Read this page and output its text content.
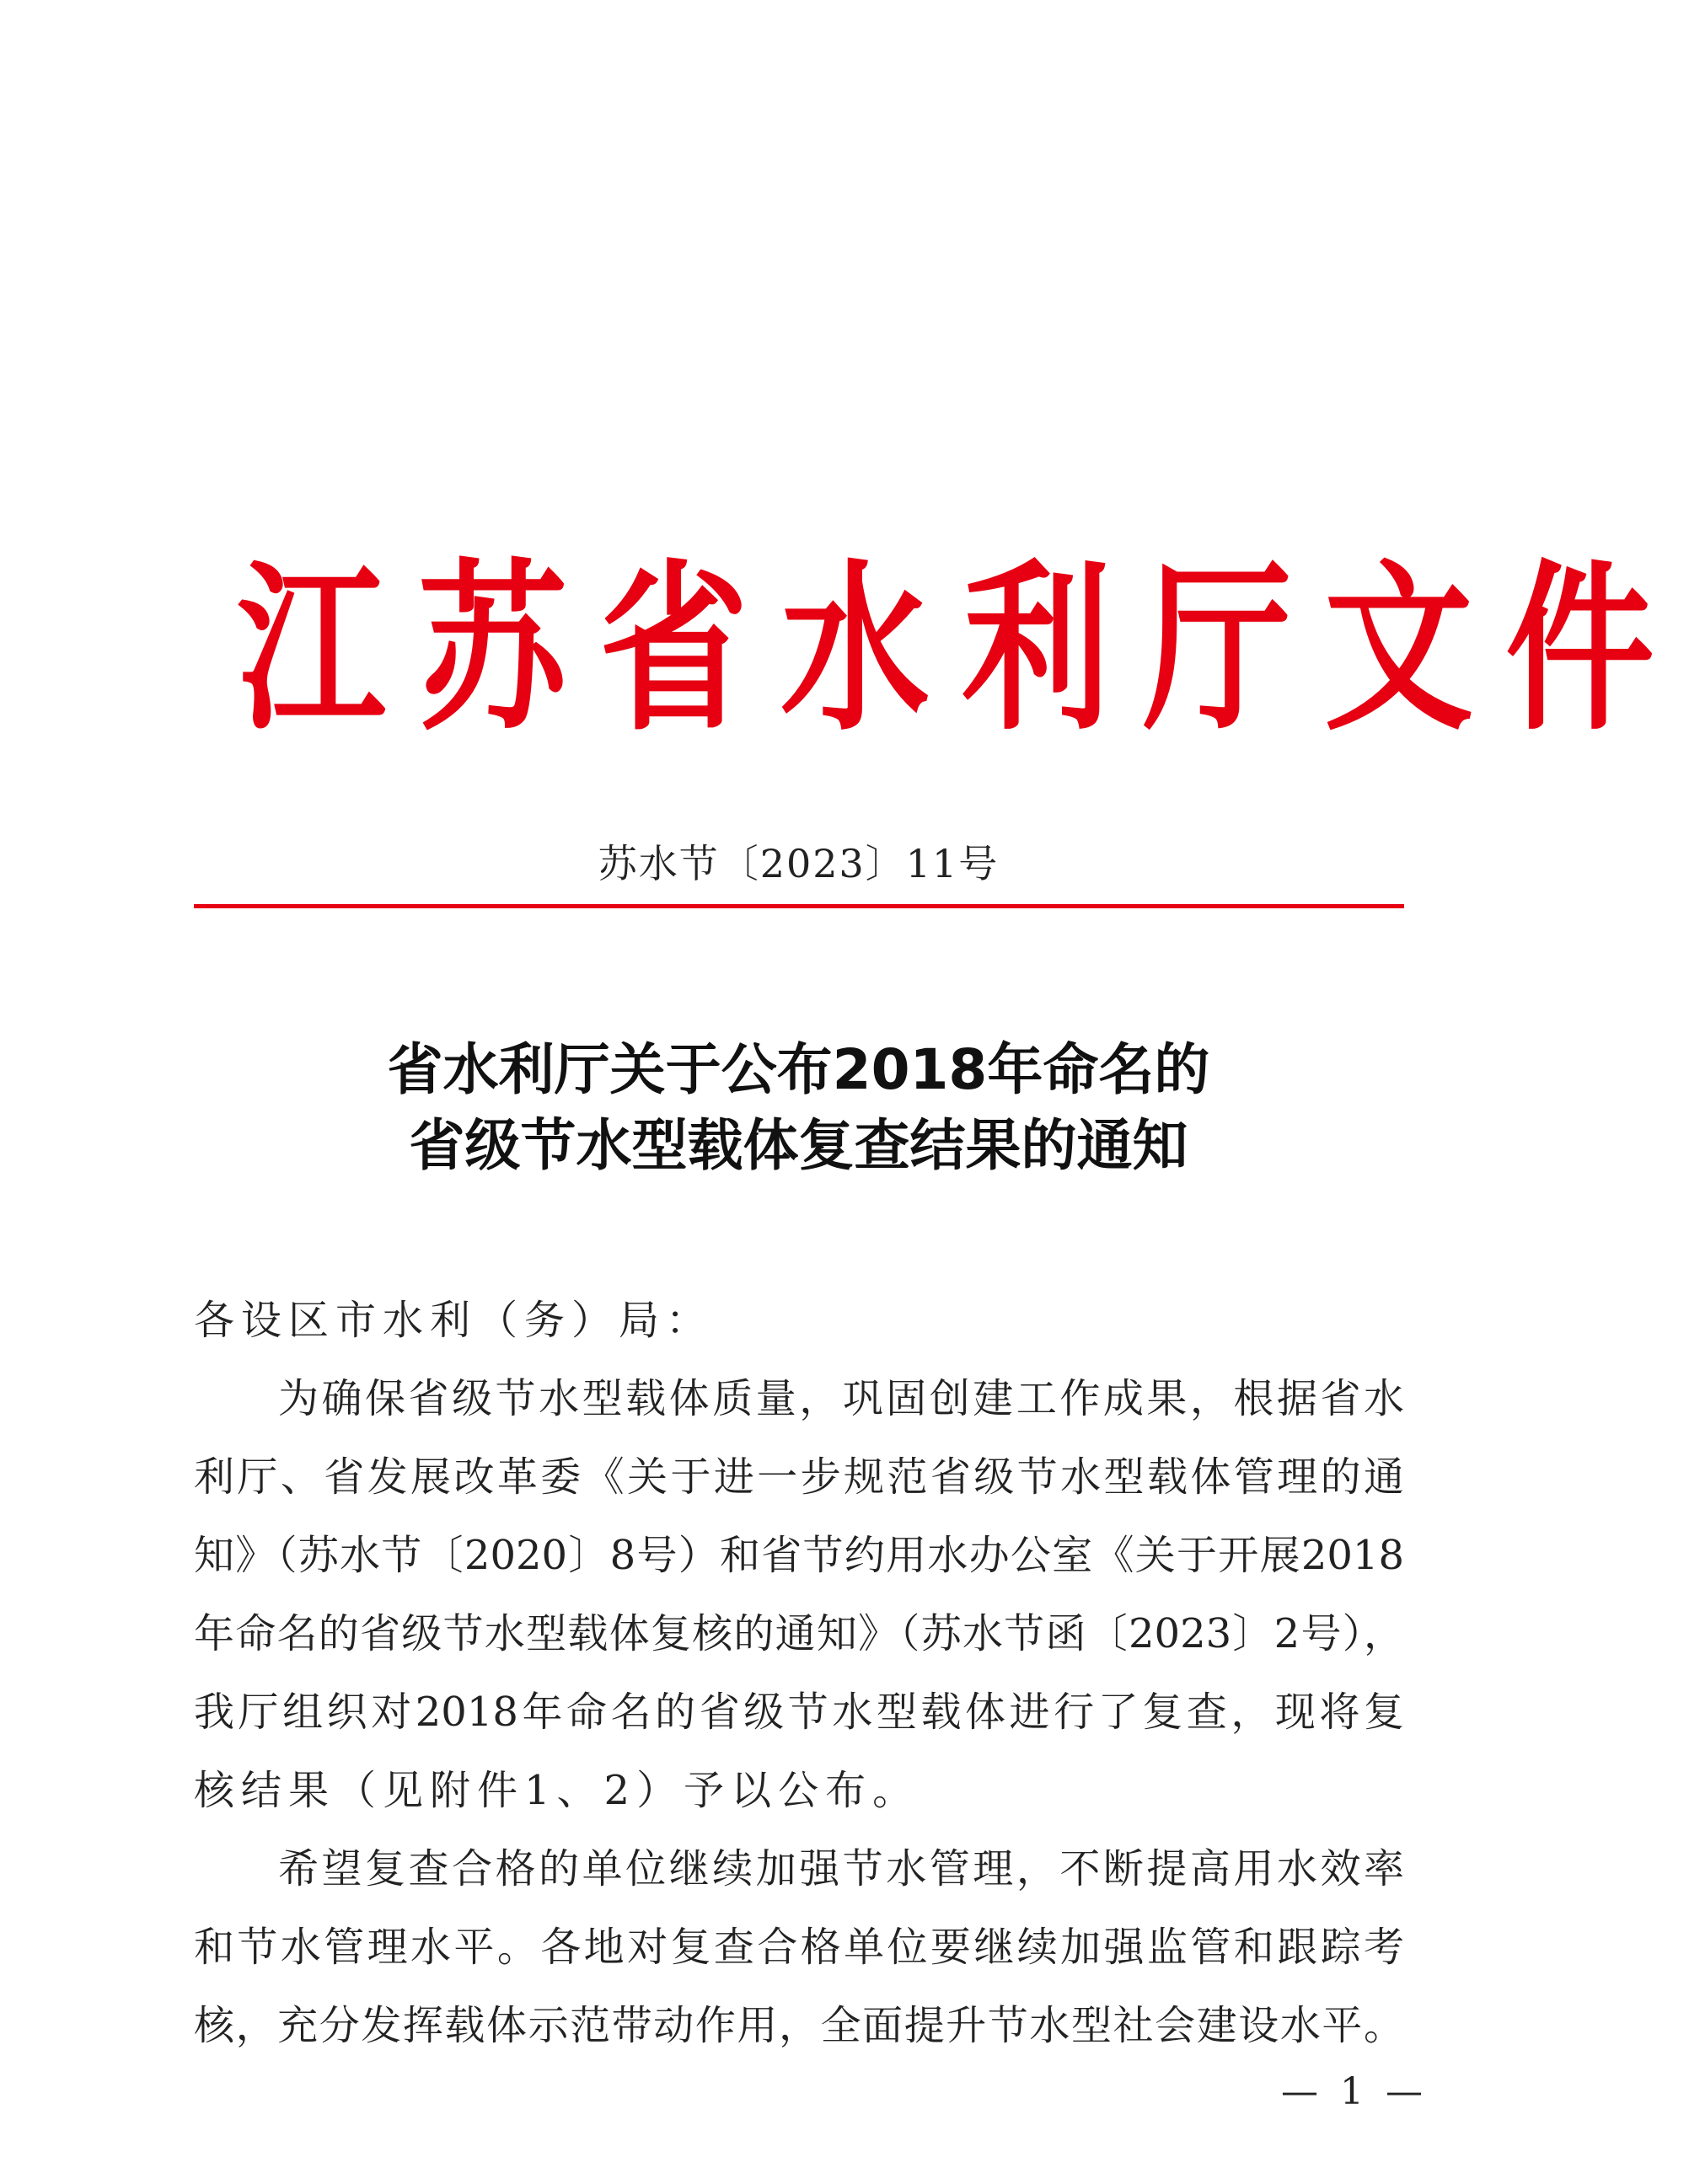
江 苏 省 水 利 厅 文 件
苏水节〔2023〕11号
省水利厅关于公布2018年命名的
省级节水型载体复查结果的通知
各设区市水利（务）局：
为确保省级节水型载体质量，巩固创建工作成果，根据省水
利厅、省发展改革委《关于进一步规范省级节水型载体管理的通
知》（苏水节〔2020〕8号）和省节约用水办公室《关于开展2018
年命名的省级节水型载体复核的通知》（苏水节函〔2023〕2号），
我厅组织对2018年命名的省级节水型载体进行了复查，现将复
核结果（见附件1、2）予以公布。
希望复查合格的单位继续加强节水管理，不断提高用水效率
和节水管理水平。各地对复查合格单位要继续加强监管和跟踪考
核，充分发挥载体示范带动作用，全面提升节水型社会建设水平。
— 1 —
